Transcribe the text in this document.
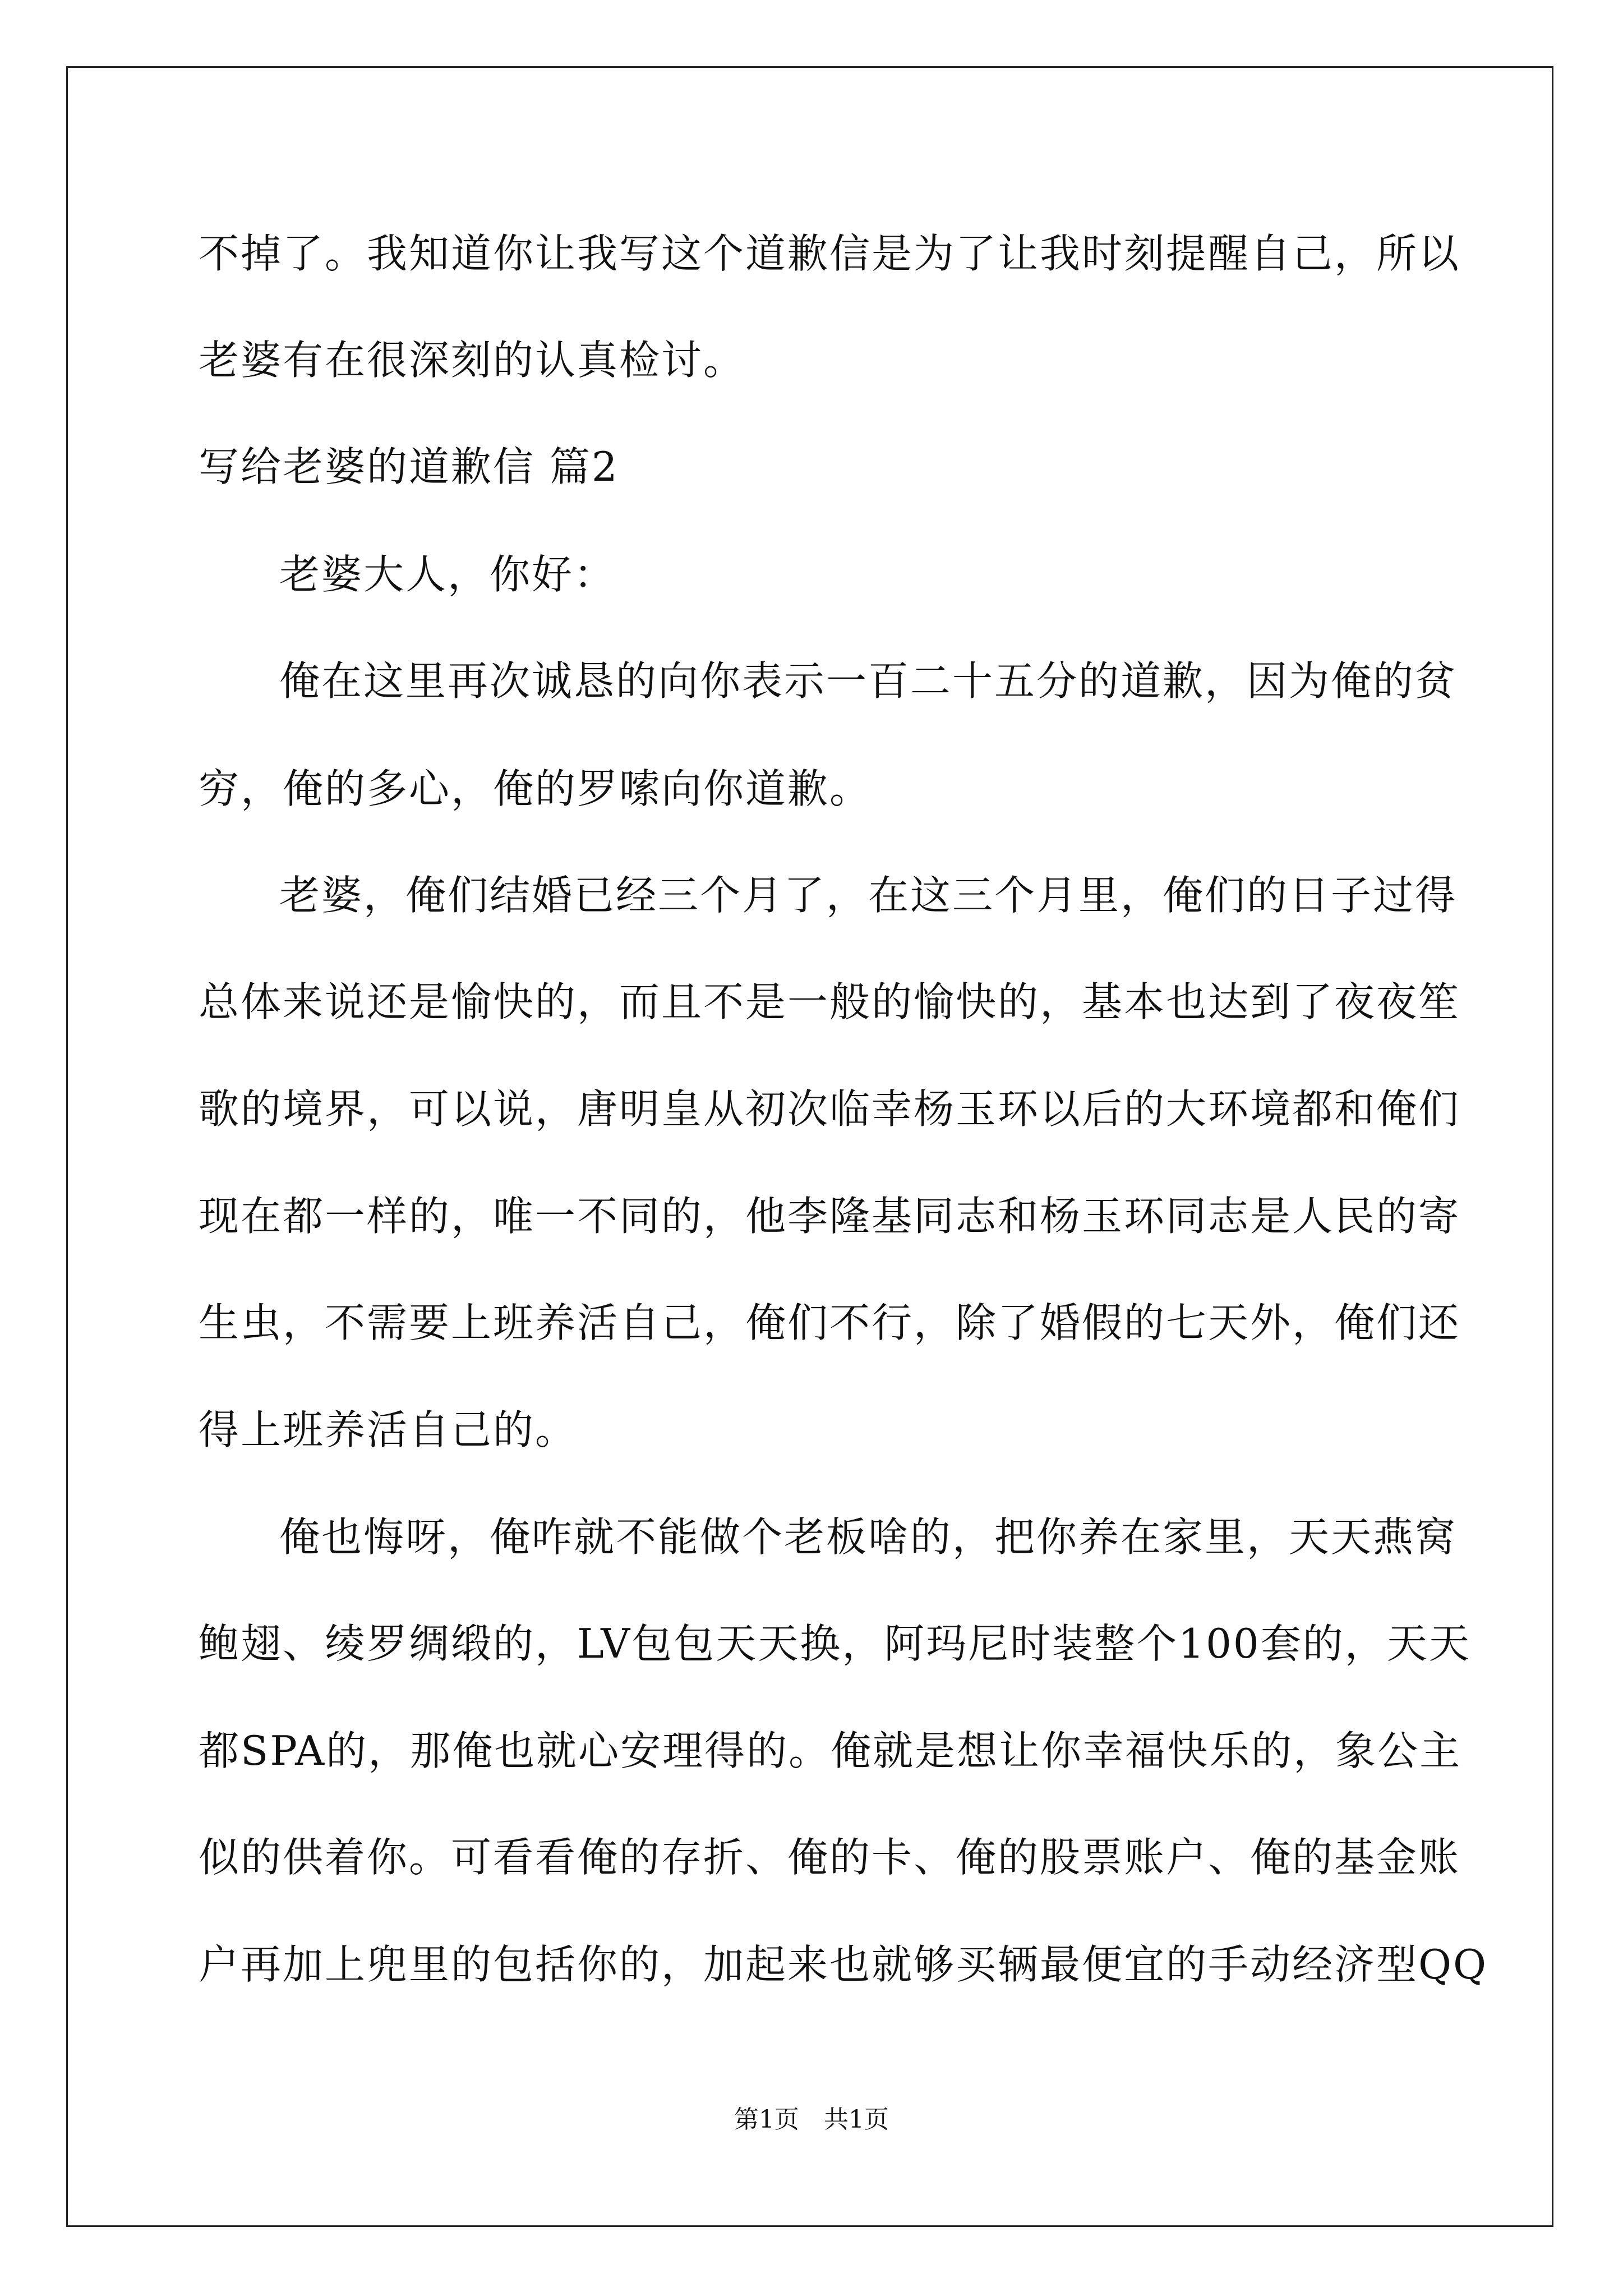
不掉了。我知道你让我写这个道歉信是为了让我时刻提醒自己，所以
老婆有在很深刻的认真检讨。
写给老婆的道歉信 篇2
老婆大人，你好：
俺在这里再次诚恳的向你表示一百二十五分的道歉，因为俺的贫
穷，俺的多心，俺的罗嗦向你道歉。
老婆，俺们结婚已经三个月了，在这三个月里，俺们的日子过得
总体来说还是愉快的，而且不是一般的愉快的，基本也达到了夜夜笙
歌的境界，可以说，唐明皇从初次临幸杨玉环以后的大环境都和俺们
现在都一样的，唯一不同的，他李隆基同志和杨玉环同志是人民的寄
生虫，不需要上班养活自己，俺们不行，除了婚假的七天外，俺们还
得上班养活自己的。
俺也悔呀，俺咋就不能做个老板啥的，把你养在家里，天天燕窝
鲍翅、绫罗绸缎的，LV包包天天换，阿玛尼时装整个100套的，天天
都SPA的，那俺也就心安理得的。俺就是想让你幸福快乐的，象公主
似的供着你。可看看俺的存折、俺的卡、俺的股票账户、俺的基金账
户再加上兜里的包括你的，加起来也就够买辆最便宜的手动经济型QQ
第1页　共1页
